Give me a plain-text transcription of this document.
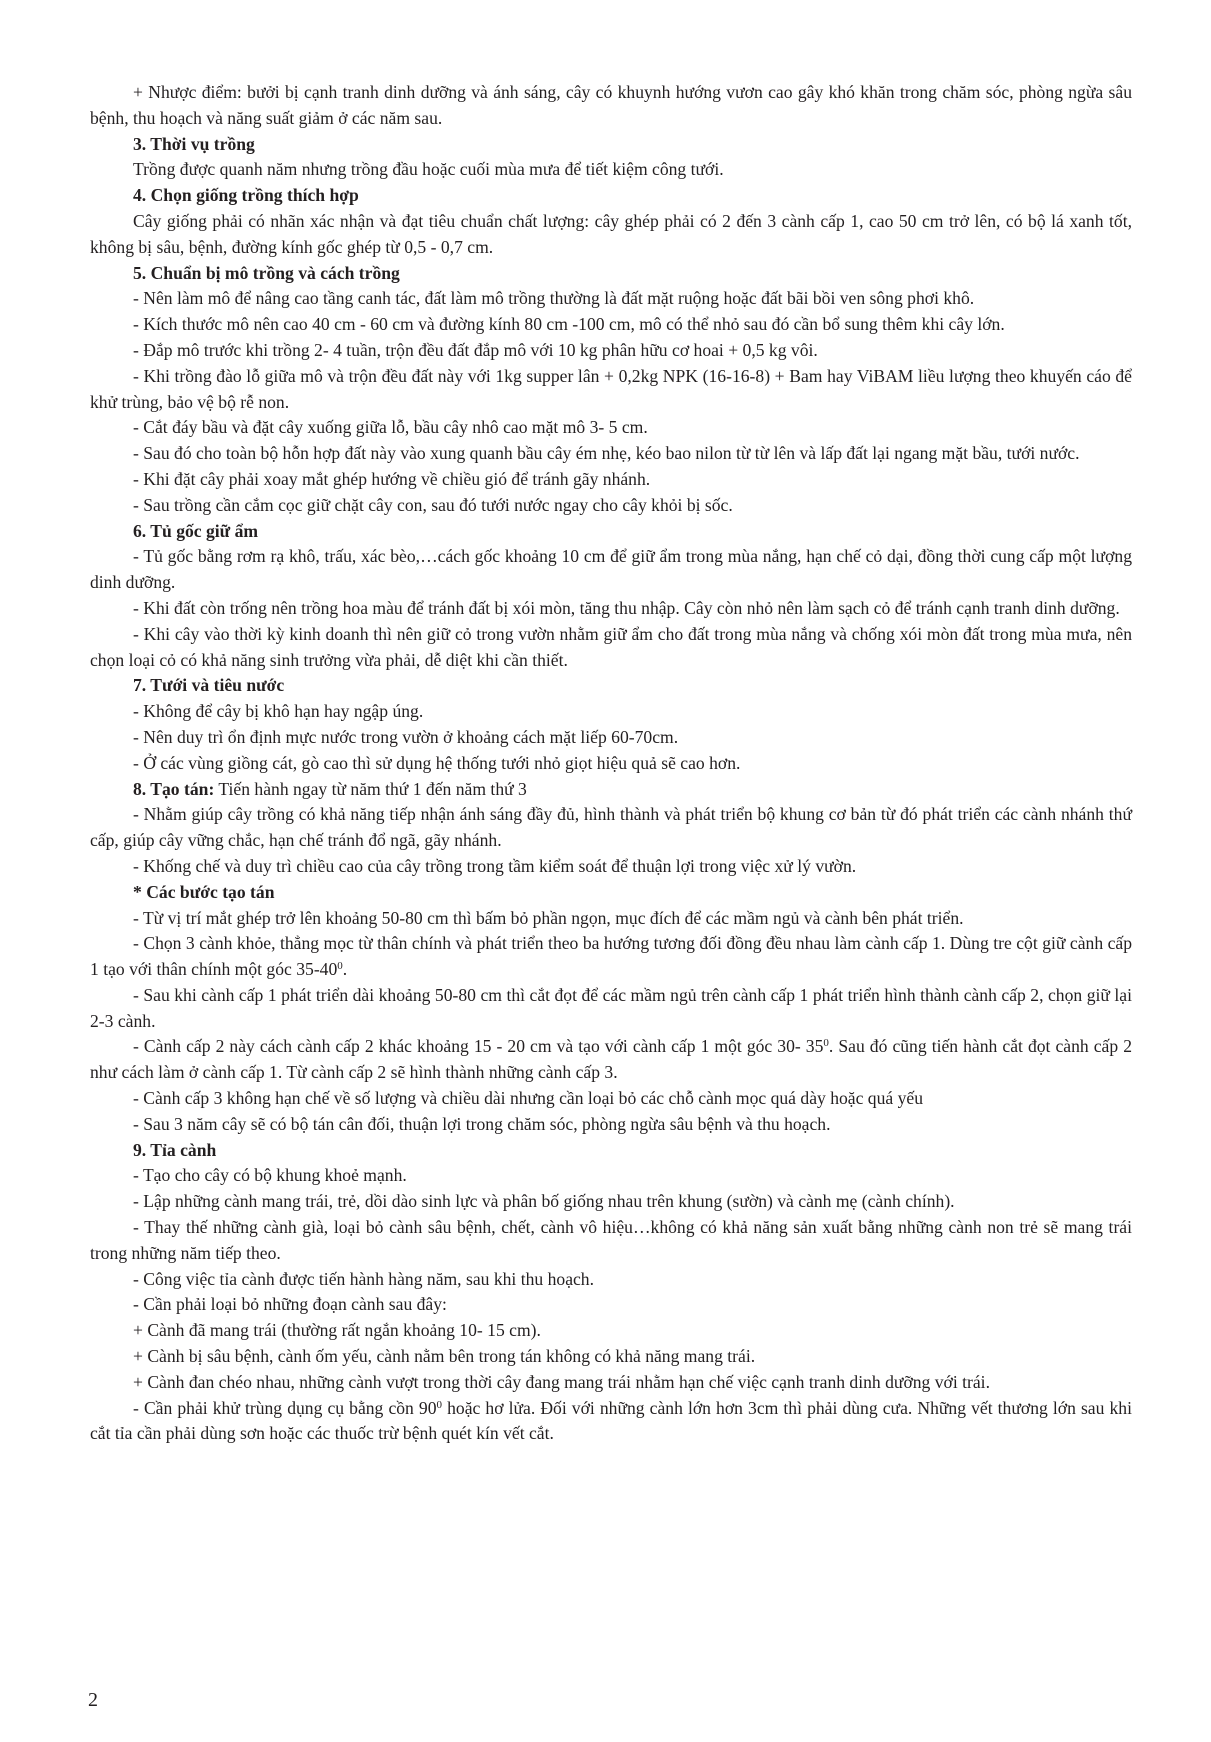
+ Nhược điểm: bưởi bị cạnh tranh dinh dưỡng và ánh sáng, cây có khuynh hướng vươn cao gây khó khăn trong chăm sóc, phòng ngừa sâu bệnh, thu hoạch và năng suất giảm ở các năm sau.

3. Thời vụ trồng

Trồng được quanh năm nhưng trồng đầu hoặc cuối mùa mưa để tiết kiệm công tưới.

4. Chọn giống trồng thích hợp

Cây giống phải có nhãn xác nhận và đạt tiêu chuẩn chất lượng: cây ghép phải có 2 đến 3 cành cấp 1, cao 50 cm trở lên, có bộ lá xanh tốt, không bị sâu, bệnh, đường kính gốc ghép từ 0,5 - 0,7 cm.

5. Chuẩn bị mô trồng và cách trồng

- Nên làm mô để nâng cao tầng canh tác, đất làm mô trồng thường là đất mặt ruộng hoặc đất bãi bồi ven sông phơi khô.

- Kích thước mô nên cao 40 cm - 60 cm và đường kính 80 cm -100 cm, mô có thể nhỏ sau đó cần bổ sung thêm khi cây lớn.

- Đắp mô trước khi trồng 2- 4 tuần, trộn đều đất đắp mô với 10 kg phân hữu cơ hoai + 0,5 kg vôi.

- Khi trồng đào lỗ giữa mô và trộn đều đất này với 1kg supper lân + 0,2kg NPK (16-16-8) + Bam hay ViBAM liều lượng theo khuyến cáo để khử trùng, bảo vệ bộ rễ non.

- Cắt đáy bầu và đặt cây xuống giữa lỗ, bầu cây nhô cao mặt mô 3- 5 cm.

- Sau đó cho toàn bộ hỗn hợp đất này vào xung quanh bầu cây ém nhẹ, kéo bao nilon từ từ lên và lấp đất lại ngang mặt bầu, tưới nước.

- Khi đặt cây phải xoay mắt ghép hướng về chiều gió để tránh gãy nhánh.

- Sau trồng cần cắm cọc giữ chặt cây con, sau đó tưới nước ngay cho cây khỏi bị sốc.

6. Tủ gốc giữ ẩm

- Tủ gốc bằng rơm rạ khô, trấu, xác bèo,…cách gốc khoảng 10 cm để giữ ẩm trong mùa nắng, hạn chế cỏ dại, đồng thời cung cấp một lượng dinh dưỡng.

- Khi đất còn trống nên trồng hoa màu để tránh đất bị xói mòn, tăng thu nhập. Cây còn nhỏ nên làm sạch cỏ để tránh cạnh tranh dinh dưỡng.

- Khi cây vào thời kỳ kinh doanh thì nên giữ cỏ trong vườn nhằm giữ ẩm cho đất trong mùa nắng và chống xói mòn đất trong mùa mưa, nên chọn loại cỏ có khả năng sinh trưởng vừa phải, dễ diệt khi cần thiết.

7. Tưới và tiêu nước

- Không để cây bị khô hạn hay ngập úng.

- Nên duy trì ổn định mực nước trong vườn ở khoảng cách mặt liếp 60-70cm.

- Ở các vùng giồng cát, gò cao thì sử dụng hệ thống tưới nhỏ giọt hiệu quả sẽ cao hơn.

8. Tạo tán: Tiến hành ngay từ năm thứ 1 đến năm thứ 3

- Nhằm giúp cây trồng có khả năng tiếp nhận ánh sáng đầy đủ, hình thành và phát triển bộ khung cơ bản từ đó phát triển các cành nhánh thứ cấp, giúp cây vững chắc, hạn chế tránh đổ ngã, gãy nhánh.

- Khống chế và duy trì chiều cao của cây trồng trong tầm kiểm soát để thuận lợi trong việc xử lý vườn.

* Các bước tạo tán

- Từ vị trí mắt ghép trở lên khoảng 50-80 cm thì bấm bỏ phần ngọn, mục đích để các mầm ngủ và cành bên phát triển.

- Chọn 3 cành khỏe, thẳng mọc từ thân chính và phát triển theo ba hướng tương đối đồng đều nhau làm cành cấp 1. Dùng tre cột giữ cành cấp 1 tạo với thân chính một góc $35-40^0$.

- Sau khi cành cấp 1 phát triển dài khoảng 50-80 cm thì cắt đọt để các mầm ngủ trên cành cấp 1 phát triển hình thành cành cấp 2, chọn giữ lại 2-3 cành.

- Cành cấp 2 này cách cành cấp 2 khác khoảng 15 - 20 cm và tạo với cành cấp 1 một góc 30- $35^0$. Sau đó cũng tiến hành cắt đọt cành cấp 2 như cách làm ở cành cấp 1. Từ cành cấp 2 sẽ hình thành những cành cấp 3.

- Cành cấp 3 không hạn chế về số lượng và chiều dài nhưng cần loại bỏ các chỗ cành mọc quá dày hoặc quá yếu

- Sau 3 năm cây sẽ có bộ tán cân đối, thuận lợi trong chăm sóc, phòng ngừa sâu bệnh và thu hoạch.

9. Tỉa cành

- Tạo cho cây có bộ khung khoẻ mạnh.

- Lập những cành mang trái, trẻ, dồi dào sinh lực và phân bố giống nhau trên khung (sườn) và cành mẹ (cành chính).

- Thay thế những cành già, loại bỏ cành sâu bệnh, chết, cành vô hiệu…không có khả năng sản xuất bằng những cành non trẻ sẽ mang trái trong những năm tiếp theo.

- Công việc tỉa cành được tiến hành hàng năm, sau khi thu hoạch.

- Cần phải loại bỏ những đoạn cành sau đây:

+ Cành đã mang trái (thường rất ngắn khoảng 10- 15 cm).

+ Cành bị sâu bệnh, cành ốm yếu, cành nằm bên trong tán không có khả năng mang trái.

+ Cành đan chéo nhau, những cành vượt trong thời cây đang mang trái nhằm hạn chế việc cạnh tranh dinh dưỡng với trái.

- Cần phải khử trùng dụng cụ bằng cồn $90^0$ hoặc hơ lửa. Đối với những cành lớn hơn 3cm thì phải dùng cưa. Những vết thương lớn sau khi cắt tỉa cần phải dùng sơn hoặc các thuốc trừ bệnh quét kín vết cắt.

2
